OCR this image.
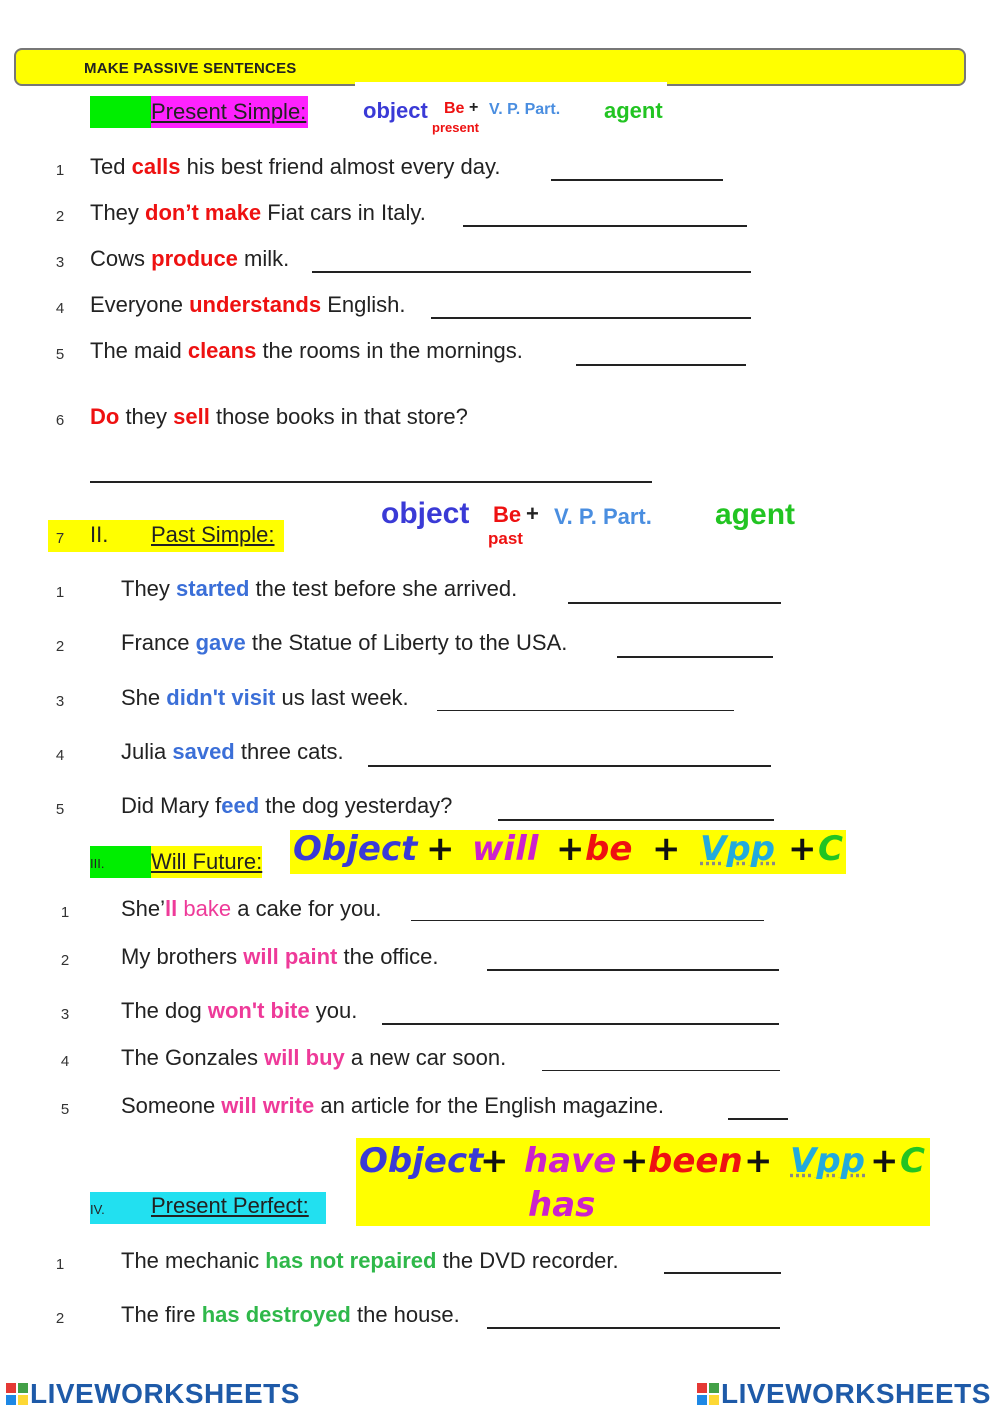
MAKE PASSIVE SENTENCES
Present Simple:	object Be +
present
V. P. Part. agent
1 Ted calls his best friend almost every day.
2 They don’t make Fiat cars in Italy.
3 Cows produce milk.
4 Everyone understands English.
5 The maid cleans the rooms in the mornings.
6 Do they sell those books in that store?
7 II. Past Simple:
object Be +
past
V. P. Part. agent
1	They started the test before she arrived.
2	France gave the Statue of Liberty to the USA.
3	She didn't visit us last week.
4	Julia saved three cats.
5	Did Mary feed the dog yesterday?
III. Will Future: Object + will + be + Vpp + C
1 She’ll bake a cake for you.
2 My brothers will paint the office.
3 The dog won't bite you.
4 The Gonzales will buy a new car soon.
5 Someone will write an article for the English magazine.
IV. Present Perfect:
Object
+ have
has
+ been + Vpp + C
1	The mechanic has not repaired the DVD recorder.
2	The fire has destroyed the house.
LIVEWORKSHEETS	LIVEWORKSHEETS
